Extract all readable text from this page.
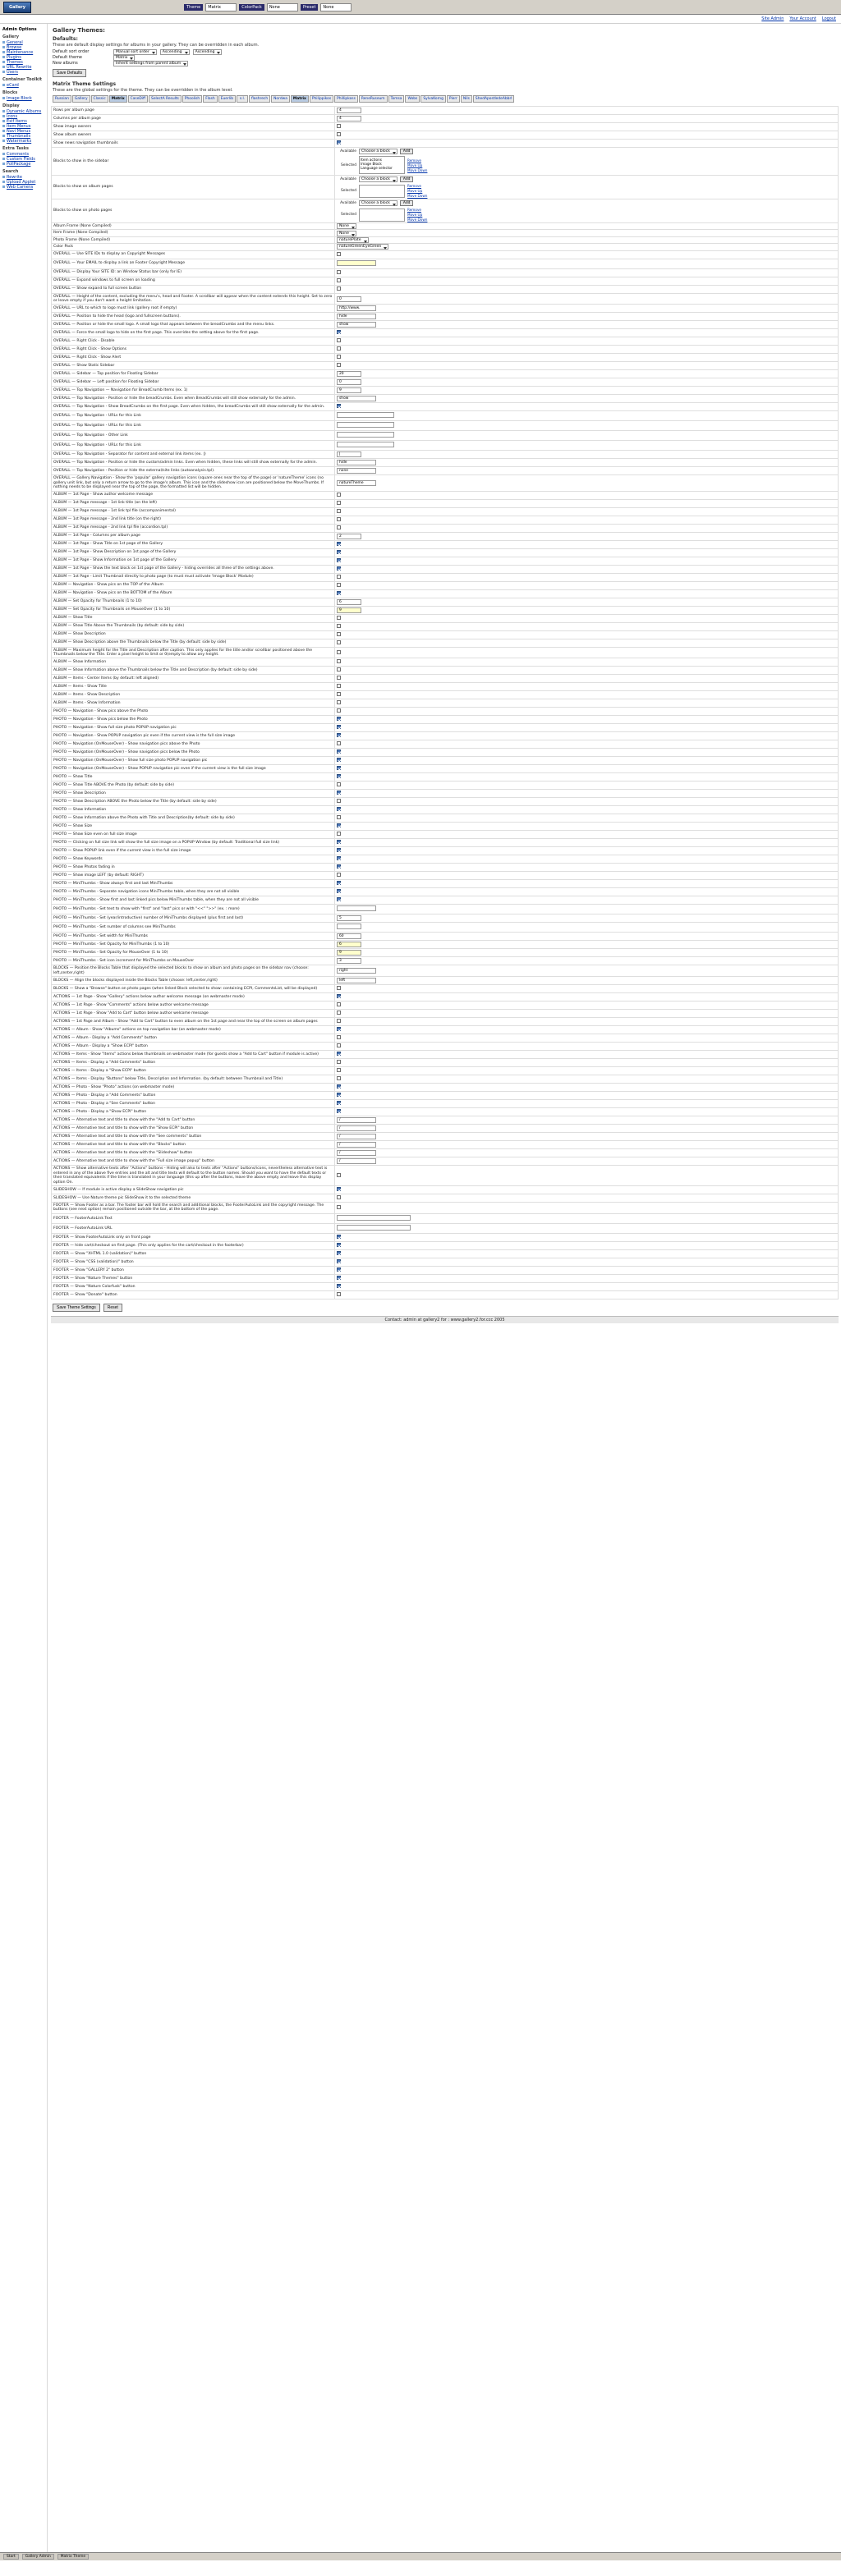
Gallery	Theme	Matrix	ColorPack	None	Preset	None
Site Admin Your Account Logout
Admin Options
Gallery
General
Browse
Maintenance
Plugins
Themes
URL Rewrite
Users
Container Toolkit
eCard
Blocks
Image Block
Display
Dynamic Albums
Icons
Exif Items
Item Menus
Navi Menus
Thumbnails
Watermarks
Extra Tasks
Comments
Custom Fields
PollPackage
Search
Rewrite
Upload Applet
Web Camera
Gallery Themes:
Defaults:
These are default display settings for albums in your gallery. They can be overridden in each album.
Default sort order	Manual sort order	Ascending	Ascending
Default theme	Matrix
New albums	Inherit settings from parent album
Save Defaults
Matrix Theme Settings
These are the global settings for the theme. They can be overridden in the album level.
Russian	Gallery	Classic	Matrix	CaseDiff	SelectA Results	Phoolish	Flash	Euerlib	s.l.	flashrech	Nordwa	Matrix	Philippikos	Phillipkoss	ReneRuseum	Tomsa	Wobs	SylvaKorng	Pierr	Nils	ShedApostledeAbbrl
Rows per album page	4
Columns per album page	4
Show image owners	
Show album owners	
Show news navigation thumbnails	
Blocks to show in the sidebar	
Available	Choose a block	Add
Selected
Item actions
Image Block
Language selector
Remove
Move Up
Move Down

Blocks to show on album pages	
Available	Choose a block	Add
Selected
Remove
Move Up
Move Down

Blocks to show on photo pages	
Available	Choose a block	Add
Selected
Remove
Move Up
Move Down

Album Frame (None Compiled)	None
Item Frame (None Compiled)	None
Photo Frame (None Compiled)	naturePlate
Color Pack	natureGreenEyeGreen
OVERALL — Use SITE IDs to display an Copyright Messages	
OVERALL — Your EMAIL to display a link an Footer Copyright Message	
OVERALL — Display Your SITE ID: an Window Status bar (only for IE)	
OVERALL — Expand windows to full screen on loading	
OVERALL — Show expand to full screen button	
OVERALL — Height of the content, excluding the menu's, head and Footer. A scrollbar will appear when the content extends this height. Set to zero or leave empty if you don't want a height limitation.	0
OVERALL — URL to which to logo must link (gallery root if empty)	http://www.
OVERALL — Position to hide the head (logo and fullscreen buttons).	hide
OVERALL — Position or hide the small logo. A small logo that appears between the breadCrumbs and the menu links.	show
OVERALL — Force the small logo to hide on the first page. This overrides the setting above for the first page.	
OVERALL — Right Click - Disable	
OVERALL — Right Click - Show Options	
OVERALL — Right Click - Show Alert	
OVERALL — Show Static Sidebar	
OVERALL — Sidebar — Top position for Floating Sidebar	20
OVERALL — Sidebar — Left position for Floating Sidebar	0
OVERALL — Top Navigation — Navigation for BreadCrumb Items (ex. 1)	9
OVERALL — Top Navigation - Position or hide the breadCrumbs. Even when BreadCrumbs will still show externally for the admin.	show
OVERALL — Top Navigation - Show BreadCrumbs on the first page. Even when hidden, the breadCrumbs will still show externally for the admin.	
OVERALL — Top Navigation - URLs for this Link	
OVERALL — Top Navigation - URLs for this Link	
OVERALL — Top Navigation - Other Link	
OVERALL — Top Navigation - URLs for this Link	
OVERALL — Top Navigation - Separator for content and external link items (ex. |)	|
OVERALL — Top Navigation - Position or hide the custom/admin links. Even when hidden, these links will still show externally for the admin.	hide
OVERALL — Top Navigation - Position or hide the external/site links (autoanalysis.tpl).	none
OVERALL — Gallery Navigation - Show the 'popular' gallery navigation icons (square ones near the top of the page) or 'natureTheme' icons (no gallery unit link, but only a return arrow to go to the image's album. This icon and the slideshow icon are positioned below the MoveThumbs. If nothing needs to be displayed near the top of the page, the formatted list will be hidden.	natureTheme
ALBUM — 1st Page - Show author welcome message	
ALBUM — 1st Page message - 1st link title (on the left)	
ALBUM — 1st Page message - 1st link tpl file (accompanimental)	
ALBUM — 1st Page message - 2nd link title (on the right)	
ALBUM — 1st Page message - 2nd link tpl file (accordion.tpl)	
ALBUM — 1st Page - Columns per album page	2
ALBUM — 1st Page - Show Title on 1st page of the Gallery	
ALBUM — 1st Page - Show Description on 1st page of the Gallery	
ALBUM — 1st Page - Show Information on 1st page of the Gallery	
ALBUM — 1st Page - Show the text block on 1st page of the Gallery - hiding overrides all three of the settings above.	
ALBUM — 1st Page - Limit Thumbnail directly to photo page (to must must activate 'Image Block' Module)	
ALBUM — Navigation - Show pics on the TOP of the Album	
ALBUM — Navigation - Show pics on the BOTTOM of the Album	
ALBUM — Set Opacity for Thumbnails (1 to 10)	6
ALBUM — Set Opacity for Thumbnails on MouseOver (1 to 10)	9
ALBUM — Show Title	
ALBUM — Show Title Above the Thumbnails (by default: side by side)	
ALBUM — Show Description	
ALBUM — Show Description above the Thumbnails below the Title (by default: side by side)	
ALBUM — Maximum height for the Title and Description after caption. This only applies for the title and/or scrollbar positioned above the Thumbnails below the Title. Enter a pixel height to limit or 0(empty to allow any height.	
ALBUM — Show Information	
ALBUM — Show Information above the Thumbnails below the Title and Description (by default: side by side)	
ALBUM — Items - Center Items (by default: left aligned)	
ALBUM — Items - Show Title	
ALBUM — Items - Show Description	
ALBUM — Items - Show Information	
PHOTO — Navigation - Show pics above the Photo	
PHOTO — Navigation - Show pics below the Photo	
PHOTO — Navigation - Show full size photo POPUP navigation pic	
PHOTO — Navigation - Show POPUP navigation pic even if the current view is the full size image	
PHOTO — Navigation (OnMouseOver) - Show navigation pics above the Photo	
PHOTO — Navigation (OnMouseOver) - Show navigation pics below the Photo	
PHOTO — Navigation (OnMouseOver) - Show full size photo POPUP navigation pic	
PHOTO — Navigation (OnMouseOver) - Show POPUP navigation pic even if the current view is the full size image	
PHOTO — Show Title	
PHOTO — Show Title ABOVE the Photo (by default: side by side)	
PHOTO — Show Description	
PHOTO — Show Description ABOVE the Photo below the Title (by default: side by side)	
PHOTO — Show Information	
PHOTO — Show Information above the Photo with Title and Description(by default: side by side)	
PHOTO — Show Size	
PHOTO — Show Size even on full size image	
PHOTO — Clicking on full size link will show the full size image on a POPUP Window (by default: Traditional full size link)	
PHOTO — Show POPUP link even if the current view is the full size image	
PHOTO — Show Keywords	
PHOTO — Show Photos fading in	
PHOTO — Show image LEFT (by default: RIGHT)	
PHOTO — MiniThumbs - Show always first and last MiniThumbs	
PHOTO — MiniThumbs - Separate navigation icons MiniThumbs table, when they are not all visible	
PHOTO — MiniThumbs - Show first and last linked pics below MiniThumbs table, when they are not all visible	
PHOTO — MiniThumbs - Set text to show with "first" and "last" pics or with "<<" ">>" (ex. : more)	
PHOTO — MiniThumbs - Set (year/introductive) number of MiniThumbs displayed (plus first and last)	5
PHOTO — MiniThumbs - Set number of columns see MiniThumbs	
PHOTO — MiniThumbs - Set width for MiniThumbs	60
PHOTO — MiniThumbs - Set Opacity for MiniThumbs (1 to 10)	6
PHOTO — MiniThumbs - Set Opacity for MouseOver (1 to 10)	9
PHOTO — MiniThumbs - Set icon increment for MiniThumbs on MouseOver	3
BLOCKS — Position the Blocks Table that displayed the selected blocks to show on album and photo pages on the sidebar nav (choose: left,center,right)	right
BLOCKS — Align the blocks displayed inside the Blocks Table (choose: left,center,right)	left
BLOCKS — Show a "Browse" button on photo pages (when linked Block selected to show: containing ECPI, CommentsList, will be displayed)	
ACTIONS — 1st Page - Show "Gallery" actions below author welcome message (on webmaster mode)	
ACTIONS — 1st Page - Show "Comments" actions below author welcome message	
ACTIONS — 1st Page - Show "Add to Cart" button below author welcome message	
ACTIONS — 1st Page and Album - Show "Add to Cart" button to even album on the 1st page and near the top of the screen on album pages	
ACTIONS — Album - Show "Albums" actions on top navigation bar (on webmaster mode)	
ACTIONS — Album - Display a "Add Comments" button	
ACTIONS — Album - Display a "Show ECPI" button	
ACTIONS — Items - Show "Items" actions below thumbnails on webmaster mode (for guests show a "Add to Cart" button if module is active)	
ACTIONS — Items - Display a "Add Comments" button	
ACTIONS — Items - Display a "Show ECPI" button	
ACTIONS — Items - Display "Buttons" below Title, Description and Information. (by default: between Thumbnail and Title)	
ACTIONS — Photo - Show "Photo" actions (on webmaster mode)	
ACTIONS — Photo - Display a "Add Comments" button	
ACTIONS — Photo - Display a "See Comments" button	
ACTIONS — Photo - Display a "Show ECPI" button	
ACTIONS — Alternative text and title to show with the "Add to Cart" button	/
ACTIONS — Alternative text and title to show with the "Show ECPI" button	/
ACTIONS — Alternative text and title to show with the "See comments" button	/
ACTIONS — Alternative text and title to show with the "Blocks" button	/
ACTIONS — Alternative text and title to show with the "Slideshow" button	/
ACTIONS — Alternative text and title to show with the "Full size image popup" button	/
ACTIONS — Show alternative texts after "Actions" buttons - Hiding will also to texts after "Actions" buttons/icons, nevertheless alternative text is entered in any of the above five entries and the alt and title texts will default to the button names. Should you want to have the default texts or their translated equivalents if the time is translated in your language (this up after the buttons, leave the above empty and leave this display option On.	
SLIDESHOW — If module is active display a SlideShow navigation pic	
SLIDESHOW — Use Nature theme pic SlideShow it to the selected theme	
FOOTER — Show Footer as a bar. The footer bar will hold the search and additional blocks, the FooterAutoLink and the copyright message. The buttons (see next option) remain positioned outside the bar, at the bottom of the page.	
FOOTER — FooterAutoLink Text	
FOOTER — FooterAutoLink URL	
FOOTER — Show FooterAutoLink only on front page	
FOOTER — hide cart/checkout on first page. (This only applies for the cart/checkout in the footerbar)	
FOOTER — Show "XHTML 1.0 (validation)" button	
FOOTER — Show "CSS (validation)" button	
FOOTER — Show "GALLERY 2" button	
FOOTER — Show "Nature Themes" button	
FOOTER — Show "Nature Colorfusk" button	
FOOTER — Show "Donate" button	
Save Theme Settings	Reset
Contact: admin at gallery2 for : www.gallery2.for.ccc 2005
Start	Gallery Admin	Matrix Theme
